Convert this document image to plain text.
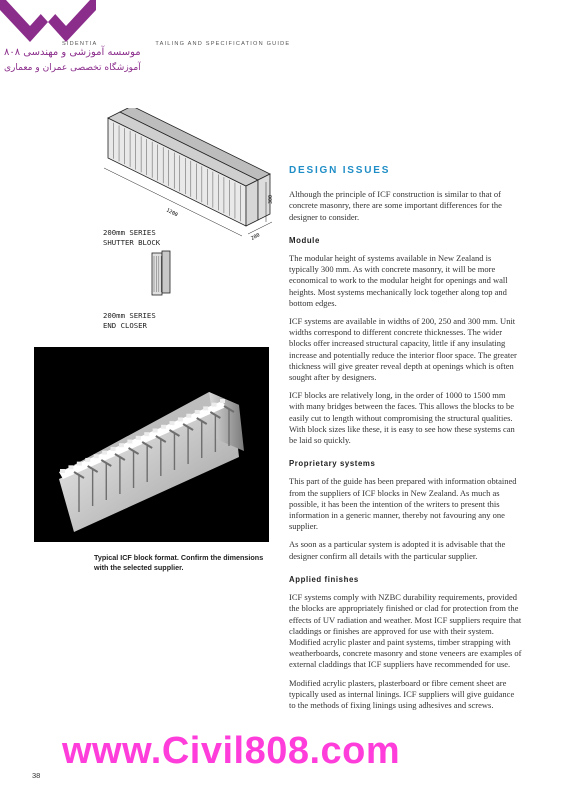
SIDENTIA	TAILING AND SPECIFICATION GUIDE
موسسه آموزشی و مهندسی ۸۰۸
آموزشگاه تخصصی عمران و معماری
1200
300
200
200mm SERIES
SHUTTER BLOCK
200mm SERIES
END CLOSER
Typical ICF block format. Confirm the dimensions with the selected supplier.
DESIGN ISSUES

Although the principle of ICF construction is similar to that of concrete masonry, there are some important differences for the designer to consider.

Module

The modular height of systems available in New Zealand is typically 300 mm. As with concrete masonry, it will be more economical to work to the modular height for openings and wall heights. Most systems mechanically lock together along top and bottom edges.

ICF systems are available in widths of 200, 250 and 300 mm. Unit widths correspond to different concrete thicknesses. The wider blocks offer increased structural capacity, little if any insulating increase and potentially reduce the interior floor space. The greater thickness will give greater reveal depth at openings which is often sought after by designers.

ICF blocks are relatively long, in the order of 1000 to 1500 mm with many bridges between the faces. This allows the blocks to be easily cut to length without compromising the structural qualities. With block sizes like these, it is easy to see how these systems can be laid so quickly.

Proprietary systems

This part of the guide has been prepared with information obtained from the suppliers of ICF blocks in New Zealand. As much as possible, it has been the intention of the writers to present this information in a generic manner, thereby not favouring any one supplier.

As soon as a particular system is adopted it is advisable that the designer confirm all details with the particular supplier.

Applied finishes

ICF systems comply with NZBC durability requirements, provided the blocks are appropriately finished or clad for protection from the effects of UV radiation and weather. Most ICF suppliers require that claddings or finishes are approved for use with their system. Modified acrylic plaster and paint systems, timber strapping with weatherboards, concrete masonry and stone veneers are examples of external claddings that ICF suppliers have recommended for use.

Modified acrylic plasters, plasterboard or fibre cement sheet are typically used as internal linings. ICF suppliers will give guidance to the methods of fixing linings using adhesives and screws.

www.Civil808.com
38
